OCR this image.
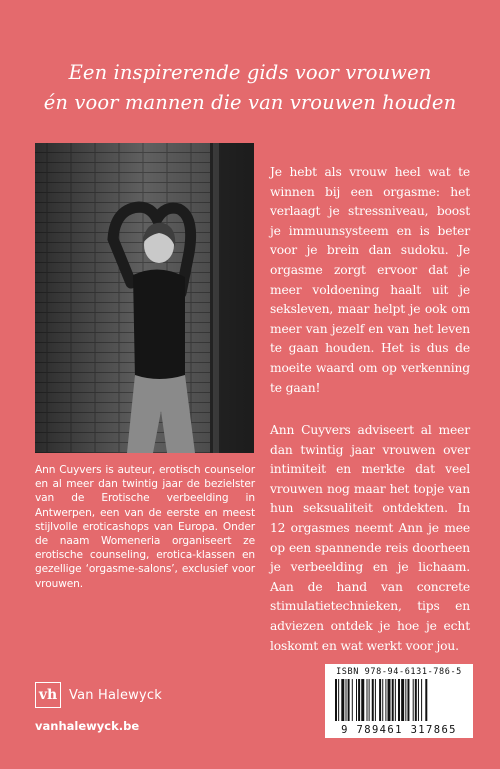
Een inspirerende gids voor vrouwen
én voor mannen die van vrouwen houden
Ann Cuyvers is auteur, erotisch counselor en al meer dan twintig jaar de bezielster van de Erotische verbeelding in Antwerpen, een van de eerste en meest stijlvolle eroticashops van Europa. Onder de naam Womeneria organiseert ze erotische counseling, erotica-klassen en gezellige ‘orgasme-salons’, exclusief voor vrouwen.
Je hebt als vrouw heel wat te winnen bij een orgasme: het verlaagt je stressniveau, boost je immuunsysteem en is beter voor je brein dan sudoku. Je orgasme zorgt ervoor dat je meer voldoening haalt uit je seksleven, maar helpt je ook om meer van jezelf en van het leven te gaan houden. Het is dus de moeite waard om op verkenning te gaan!
Ann Cuyvers adviseert al meer dan twintig jaar vrouwen over intimiteit en merkte dat veel vrouwen nog maar het topje van hun seksualiteit ontdekten. In 12 orgasmes neemt Ann je mee op een spannende reis doorheen je verbeelding en je lichaam. Aan de hand van concrete stimulatietechnieken, tips en adviezen ontdek je hoe je echt loskomt en wat werkt voor jou.
ISBN 978-94-6131-786-5
9 789461 317865
vh Van Halewyck
vanhalewyck.be
